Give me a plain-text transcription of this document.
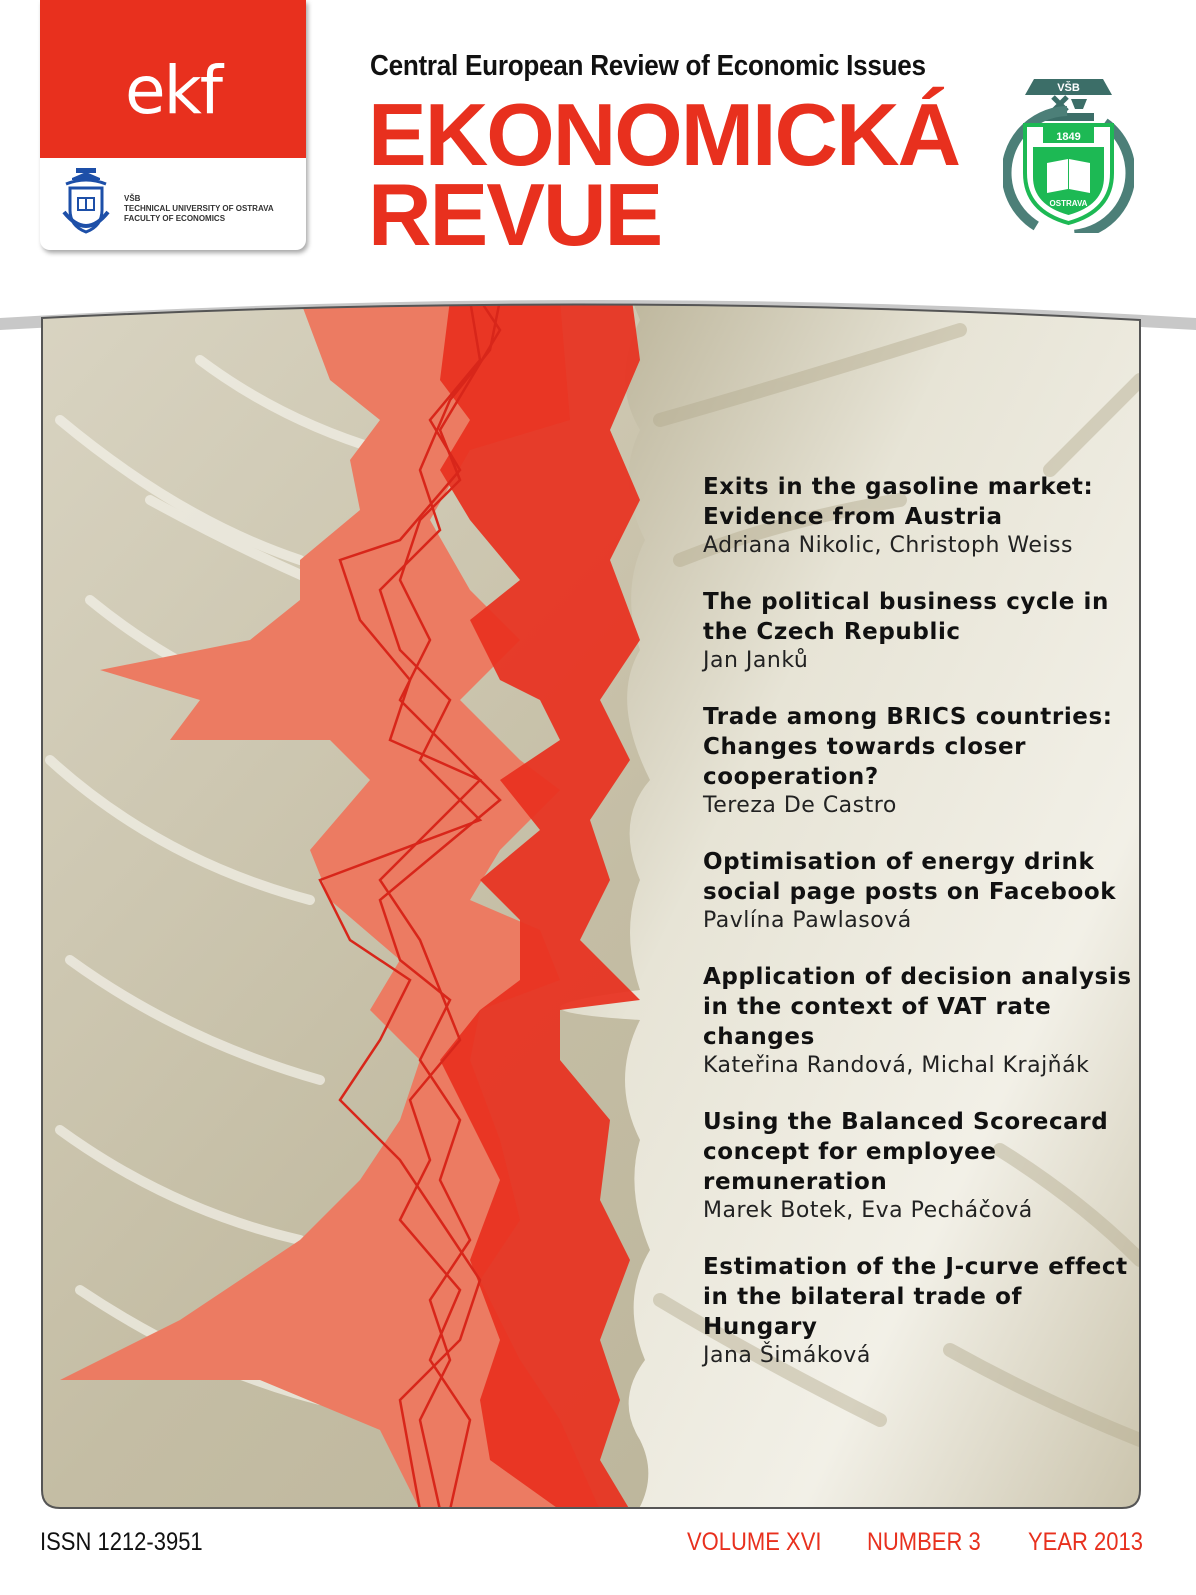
ekf
VŠB
TECHNICAL UNIVERSITY OF OSTRAVA
FACULTY OF ECONOMICS
Central European Review of Economic Issues
EKONOMICKÁ
REVUE
VŠB
1849
OSTRAVA
Exits in the gasoline market: Evidence from Austria
Adriana Nikolic, Christoph Weiss
The political business cycle in the Czech Republic
Jan Janků
Trade among BRICS countries: Changes towards closer cooperation?
Tereza De Castro
Optimisation of energy drink social page posts on Facebook
Pavlína Pawlasová
Application of decision analysis in the context of VAT rate changes
Kateřina Randová, Michal Krajňák
Using the Balanced Scorecard concept for employee remuneration
Marek Botek, Eva Pecháčová
Estimation of the J-curve effect in the bilateral trade of Hungary
Jana Šimáková
ISSN 1212-3951	VOLUME XVI NUMBER 3 YEAR 2013
